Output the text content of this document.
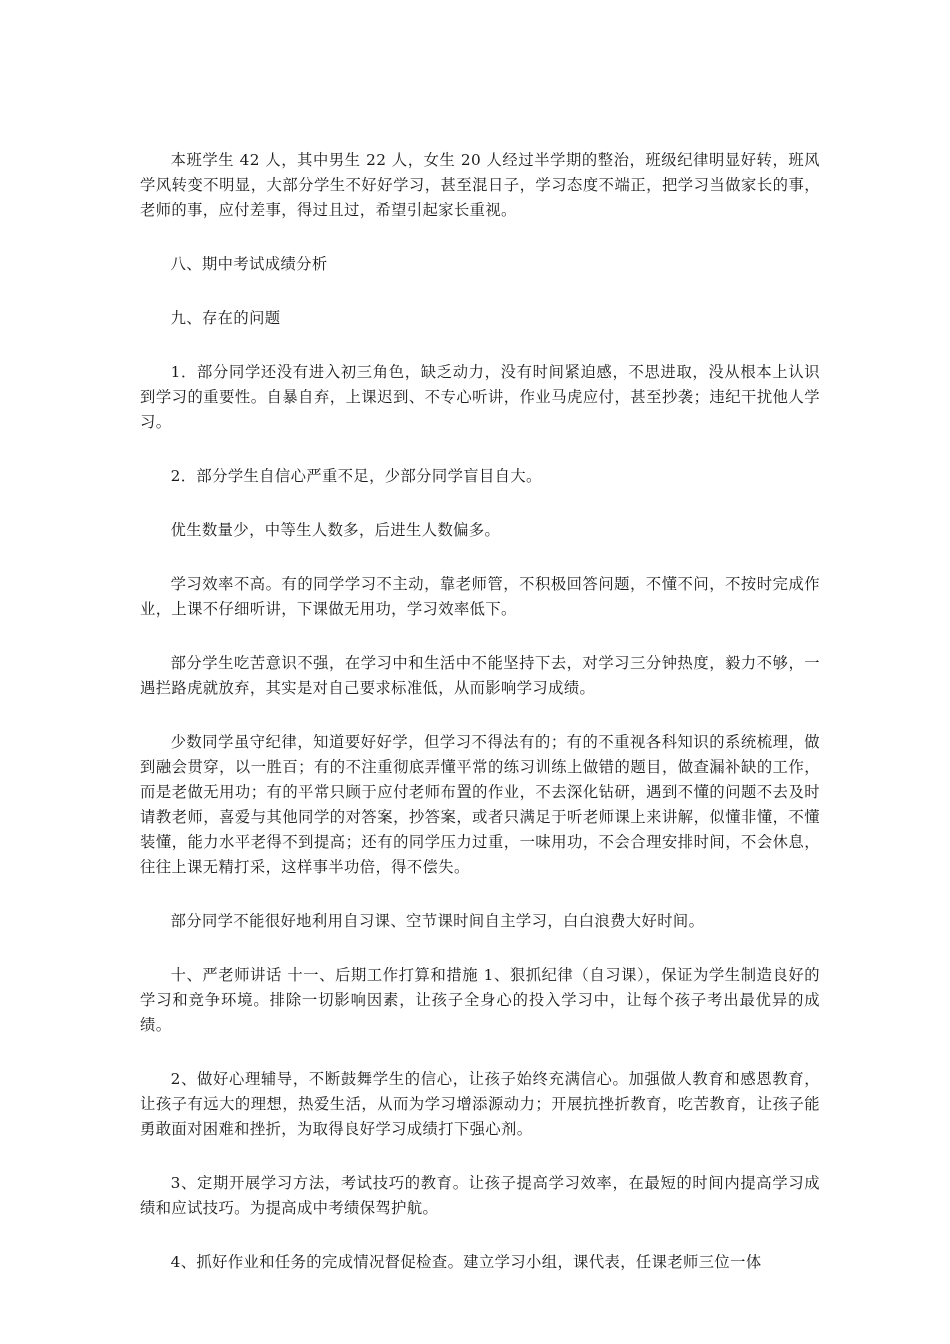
本班学生 42 人，其中男生 22 人，女生 20 人经过半学期的整治，班级纪律明显好转，班风学风转变不明显，大部分学生不好好学习，甚至混日子，学习态度不端正，把学习当做家长的事，老师的事，应付差事，得过且过，希望引起家长重视。

八、期中考试成绩分析

九、存在的问题

1．部分同学还没有进入初三角色，缺乏动力，没有时间紧迫感，不思进取，没从根本上认识到学习的重要性。自暴自弃，上课迟到、不专心听讲，作业马虎应付，甚至抄袭；违纪干扰他人学习。

2．部分学生自信心严重不足，少部分同学盲目自大。

优生数量少，中等生人数多，后进生人数偏多。

学习效率不高。有的同学学习不主动，靠老师管，不积极回答问题，不懂不问，不按时完成作业，上课不仔细听讲，下课做无用功，学习效率低下。

部分学生吃苦意识不强，在学习中和生活中不能坚持下去，对学习三分钟热度，毅力不够，一遇拦路虎就放弃，其实是对自己要求标准低，从而影响学习成绩。

少数同学虽守纪律，知道要好好学，但学习不得法有的；有的不重视各科知识的系统梳理，做到融会贯穿，以一胜百；有的不注重彻底弄懂平常的练习训练上做错的题目，做查漏补缺的工作，而是老做无用功；有的平常只顾于应付老师布置的作业，不去深化钻研，遇到不懂的问题不去及时请教老师，喜爱与其他同学的对答案，抄答案，或者只满足于听老师课上来讲解，似懂非懂，不懂装懂，能力水平老得不到提高；还有的同学压力过重，一味用功，不会合理安排时间，不会休息，往往上课无精打采，这样事半功倍，得不偿失。

部分同学不能很好地利用自习课、空节课时间自主学习，白白浪费大好时间。

十、严老师讲话 十一、后期工作打算和措施 1、狠抓纪律（自习课），保证为学生制造良好的学习和竞争环境。排除一切影响因素，让孩子全身心的投入学习中，让每个孩子考出最优异的成绩。

2、做好心理辅导，不断鼓舞学生的信心，让孩子始终充满信心。加强做人教育和感恩教育，让孩子有远大的理想，热爱生活，从而为学习增添源动力；开展抗挫折教育，吃苦教育，让孩子能勇敢面对困难和挫折，为取得良好学习成绩打下强心剂。

3、定期开展学习方法，考试技巧的教育。让孩子提高学习效率，在最短的时间内提高学习成绩和应试技巧。为提高成中考绩保驾护航。

4、抓好作业和任务的完成情况督促检查。建立学习小组，课代表，任课老师三位一体
